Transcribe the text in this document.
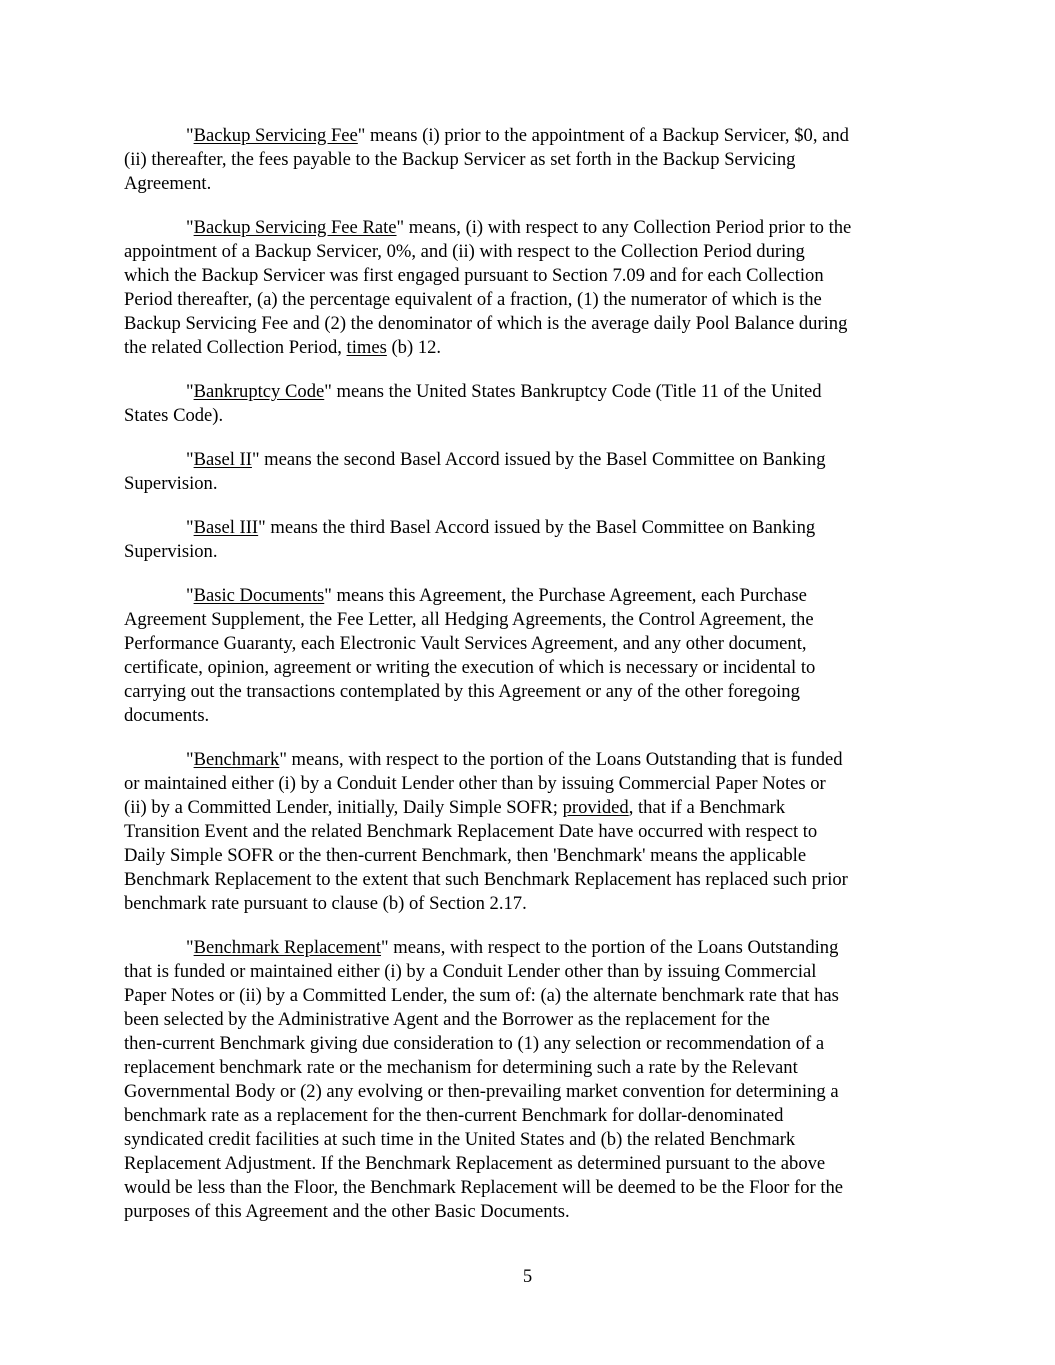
"Backup Servicing Fee" means (i) prior to the appointment of a Backup Servicer, $0, and
(ii) thereafter, the fees payable to the Backup Servicer as set forth in the Backup Servicing
Agreement.

"Backup Servicing Fee Rate" means, (i) with respect to any Collection Period prior to the
appointment of a Backup Servicer, 0%, and (ii) with respect to the Collection Period during
which the Backup Servicer was first engaged pursuant to Section 7.09 and for each Collection
Period thereafter, (a) the percentage equivalent of a fraction, (1) the numerator of which is the
Backup Servicing Fee and (2) the denominator of which is the average daily Pool Balance during
the related Collection Period, times (b) 12.

"Bankruptcy Code" means the United States Bankruptcy Code (Title 11 of the United
States Code).

"Basel II" means the second Basel Accord issued by the Basel Committee on Banking
Supervision.

"Basel III" means the third Basel Accord issued by the Basel Committee on Banking
Supervision.

"Basic Documents" means this Agreement, the Purchase Agreement, each Purchase
Agreement Supplement, the Fee Letter, all Hedging Agreements, the Control Agreement, the
Performance Guaranty, each Electronic Vault Services Agreement, and any other document,
certificate, opinion, agreement or writing the execution of which is necessary or incidental to
carrying out the transactions contemplated by this Agreement or any of the other foregoing
documents.

"Benchmark" means, with respect to the portion of the Loans Outstanding that is funded
or maintained either (i) by a Conduit Lender other than by issuing Commercial Paper Notes or
(ii) by a Committed Lender, initially, Daily Simple SOFR; provided, that if a Benchmark
Transition Event and the related Benchmark Replacement Date have occurred with respect to
Daily Simple SOFR or the then-current Benchmark, then 'Benchmark' means the applicable
Benchmark Replacement to the extent that such Benchmark Replacement has replaced such prior
benchmark rate pursuant to clause (b) of Section 2.17.

"Benchmark Replacement" means, with respect to the portion of the Loans Outstanding
that is funded or maintained either (i) by a Conduit Lender other than by issuing Commercial
Paper Notes or (ii) by a Committed Lender, the sum of: (a) the alternate benchmark rate that has
been selected by the Administrative Agent and the Borrower as the replacement for the
then-current Benchmark giving due consideration to (1) any selection or recommendation of a
replacement benchmark rate or the mechanism for determining such a rate by the Relevant
Governmental Body or (2) any evolving or then-prevailing market convention for determining a
benchmark rate as a replacement for the then-current Benchmark for dollar-denominated
syndicated credit facilities at such time in the United States and (b) the related Benchmark
Replacement Adjustment. If the Benchmark Replacement as determined pursuant to the above
would be less than the Floor, the Benchmark Replacement will be deemed to be the Floor for the
purposes of this Agreement and the other Basic Documents.

5
